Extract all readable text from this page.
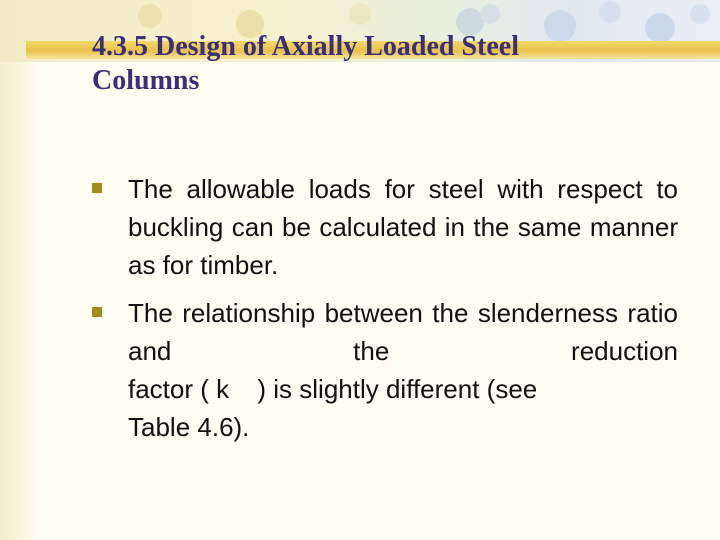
4.3.5 Design of Axially Loaded Steel
Columns
The allowable loads for steel with respect to buckling can be calculated in the same manner as for timber.
The relationship between the slenderness ratio and the reduction factor ( k ) is slightly different (see
Table 4.6).
